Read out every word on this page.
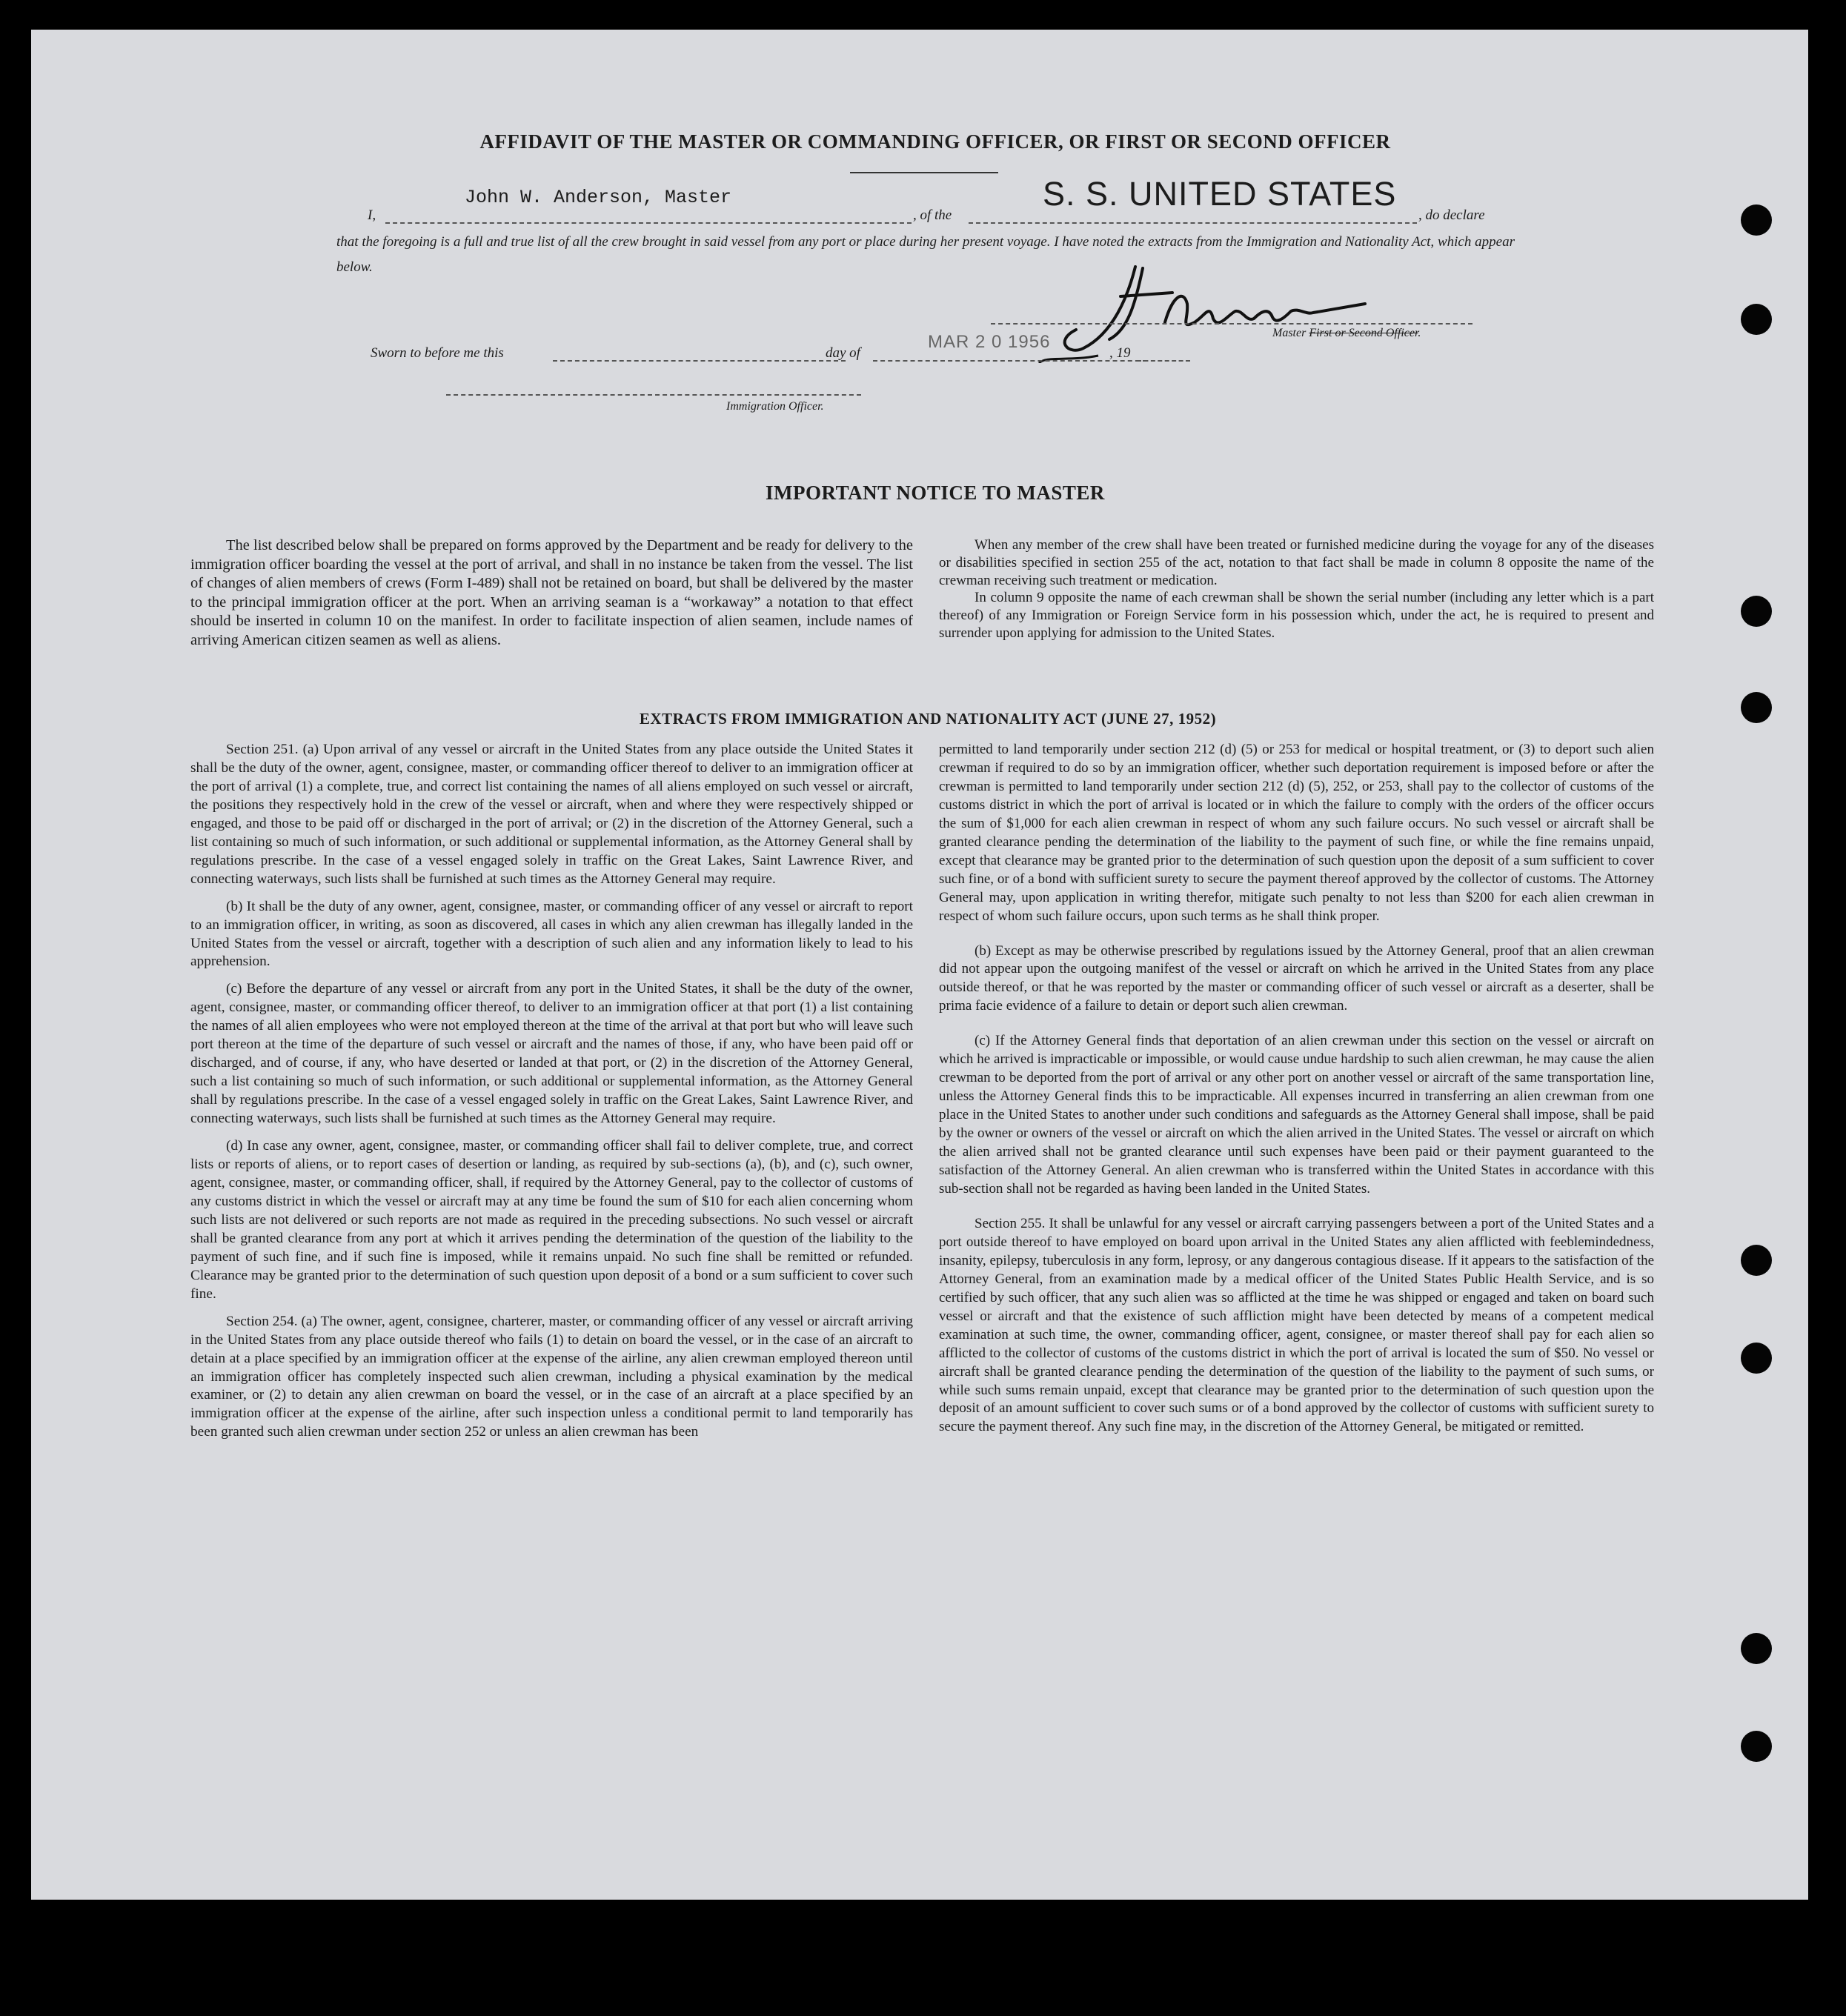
AFFIDAVIT OF THE MASTER OR COMMANDING OFFICER, OR FIRST OR SECOND OFFICER
I,
John W. Anderson, Master
, of the
S. S. UNITED STATES
, do declare
that the foregoing is a full and true list of all the crew brought in said vessel from any port or place during her present voyage. I have noted the extracts from the Immigration and Nationality Act, which appear below.
Master First or Second Officer.
Sworn to before me this	day of
MAR 2 0 1956
, 19
Immigration Officer.
IMPORTANT NOTICE TO MASTER

The list described below shall be prepared on forms approved by the Department and be ready for delivery to the immigration officer boarding the vessel at the port of arrival, and shall in no instance be taken from the vessel. The list of changes of alien members of crews (Form I-489) shall not be retained on board, but shall be delivered by the master to the principal immigration officer at the port. When an arriving seaman is a “workaway” a notation to that effect should be inserted in column 10 on the manifest. In order to facilitate inspection of alien seamen, include names of arriving American citizen seamen as well as aliens.

When any member of the crew shall have been treated or furnished medicine during the voyage for any of the diseases or disabilities specified in section 255 of the act, notation to that fact shall be made in column 8 opposite the name of the crewman receiving such treatment or medication.

In column 9 opposite the name of each crewman shall be shown the serial number (including any letter which is a part thereof) of any Immigration or Foreign Service form in his possession which, under the act, he is required to present and surrender upon applying for admission to the United States.

EXTRACTS FROM IMMIGRATION AND NATIONALITY ACT (JUNE 27, 1952)

Section 251. (a) Upon arrival of any vessel or aircraft in the United States from any place outside the United States it shall be the duty of the owner, agent, consignee, master, or commanding officer thereof to deliver to an immigration officer at the port of arrival (1) a complete, true, and correct list containing the names of all aliens employed on such vessel or aircraft, the positions they respectively hold in the crew of the vessel or aircraft, when and where they were respectively shipped or engaged, and those to be paid off or discharged in the port of arrival; or (2) in the discretion of the Attorney General, such a list containing so much of such information, or such additional or supplemental information, as the Attorney General shall by regulations prescribe. In the case of a vessel engaged solely in traffic on the Great Lakes, Saint Lawrence River, and connecting waterways, such lists shall be furnished at such times as the Attorney General may require.

(b) It shall be the duty of any owner, agent, consignee, master, or commanding officer of any vessel or aircraft to report to an immigration officer, in writing, as soon as discovered, all cases in which any alien crewman has illegally landed in the United States from the vessel or aircraft, together with a description of such alien and any information likely to lead to his apprehension.

(c) Before the departure of any vessel or aircraft from any port in the United States, it shall be the duty of the owner, agent, consignee, master, or commanding officer thereof, to deliver to an immigration officer at that port (1) a list containing the names of all alien employees who were not employed thereon at the time of the arrival at that port but who will leave such port thereon at the time of the departure of such vessel or aircraft and the names of those, if any, who have been paid off or discharged, and of course, if any, who have deserted or landed at that port, or (2) in the discretion of the Attorney General, such a list containing so much of such information, or such additional or supplemental information, as the Attorney General shall by regulations prescribe. In the case of a vessel engaged solely in traffic on the Great Lakes, Saint Lawrence River, and connecting waterways, such lists shall be furnished at such times as the Attorney General may require.

(d) In case any owner, agent, consignee, master, or commanding officer shall fail to deliver complete, true, and correct lists or reports of aliens, or to report cases of desertion or landing, as required by sub-sections (a), (b), and (c), such owner, agent, consignee, master, or commanding officer, shall, if required by the Attorney General, pay to the collector of customs of any customs district in which the vessel or aircraft may at any time be found the sum of $10 for each alien concerning whom such lists are not delivered or such reports are not made as required in the preceding subsections. No such vessel or aircraft shall be granted clearance from any port at which it arrives pending the determination of the question of the liability to the payment of such fine, and if such fine is imposed, while it remains unpaid. No such fine shall be remitted or refunded. Clearance may be granted prior to the determination of such question upon deposit of a bond or a sum sufficient to cover such fine.

Section 254. (a) The owner, agent, consignee, charterer, master, or commanding officer of any vessel or aircraft arriving in the United States from any place outside thereof who fails (1) to detain on board the vessel, or in the case of an aircraft to detain at a place specified by an immigration officer at the expense of the airline, any alien crewman employed thereon until an immigration officer has completely inspected such alien crewman, including a physical examination by the medical examiner, or (2) to detain any alien crewman on board the vessel, or in the case of an aircraft at a place specified by an immigration officer at the expense of the airline, after such inspection unless a conditional permit to land temporarily has been granted such alien crewman under section 252 or unless an alien crewman has been

permitted to land temporarily under section 212 (d) (5) or 253 for medical or hospital treatment, or (3) to deport such alien crewman if required to do so by an immigration officer, whether such deportation requirement is imposed before or after the crewman is permitted to land temporarily under section 212 (d) (5), 252, or 253, shall pay to the collector of customs of the customs district in which the port of arrival is located or in which the failure to comply with the orders of the officer occurs the sum of $1,000 for each alien crewman in respect of whom any such failure occurs. No such vessel or aircraft shall be granted clearance pending the determination of the liability to the payment of such fine, or while the fine remains unpaid, except that clearance may be granted prior to the determination of such question upon the deposit of a sum sufficient to cover such fine, or of a bond with sufficient surety to secure the payment thereof approved by the collector of customs. The Attorney General may, upon application in writing therefor, mitigate such penalty to not less than $200 for each alien crewman in respect of whom such failure occurs, upon such terms as he shall think proper.

(b) Except as may be otherwise prescribed by regulations issued by the Attorney General, proof that an alien crewman did not appear upon the outgoing manifest of the vessel or aircraft on which he arrived in the United States from any place outside thereof, or that he was reported by the master or commanding officer of such vessel or aircraft as a deserter, shall be prima facie evidence of a failure to detain or deport such alien crewman.

(c) If the Attorney General finds that deportation of an alien crewman under this section on the vessel or aircraft on which he arrived is impracticable or impossible, or would cause undue hardship to such alien crewman, he may cause the alien crewman to be deported from the port of arrival or any other port on another vessel or aircraft of the same transportation line, unless the Attorney General finds this to be impracticable. All expenses incurred in transferring an alien crewman from one place in the United States to another under such conditions and safeguards as the Attorney General shall impose, shall be paid by the owner or owners of the vessel or aircraft on which the alien arrived in the United States. The vessel or aircraft on which the alien arrived shall not be granted clearance until such expenses have been paid or their payment guaranteed to the satisfaction of the Attorney General. An alien crewman who is transferred within the United States in accordance with this sub-section shall not be regarded as having been landed in the United States.

Section 255. It shall be unlawful for any vessel or aircraft carrying passengers between a port of the United States and a port outside thereof to have employed on board upon arrival in the United States any alien afflicted with feeblemindedness, insanity, epilepsy, tuberculosis in any form, leprosy, or any dangerous contagious disease. If it appears to the satisfaction of the Attorney General, from an examination made by a medical officer of the United States Public Health Service, and is so certified by such officer, that any such alien was so afflicted at the time he was shipped or engaged and taken on board such vessel or aircraft and that the existence of such affliction might have been detected by means of a competent medical examination at such time, the owner, commanding officer, agent, consignee, or master thereof shall pay for each alien so afflicted to the collector of customs of the customs district in which the port of arrival is located the sum of $50. No vessel or aircraft shall be granted clearance pending the determination of the question of the liability to the payment of such sums, or while such sums remain unpaid, except that clearance may be granted prior to the determination of such question upon the deposit of an amount sufficient to cover such sums or of a bond approved by the collector of customs with sufficient surety to secure the payment thereof. Any such fine may, in the discretion of the Attorney General, be mitigated or remitted.
